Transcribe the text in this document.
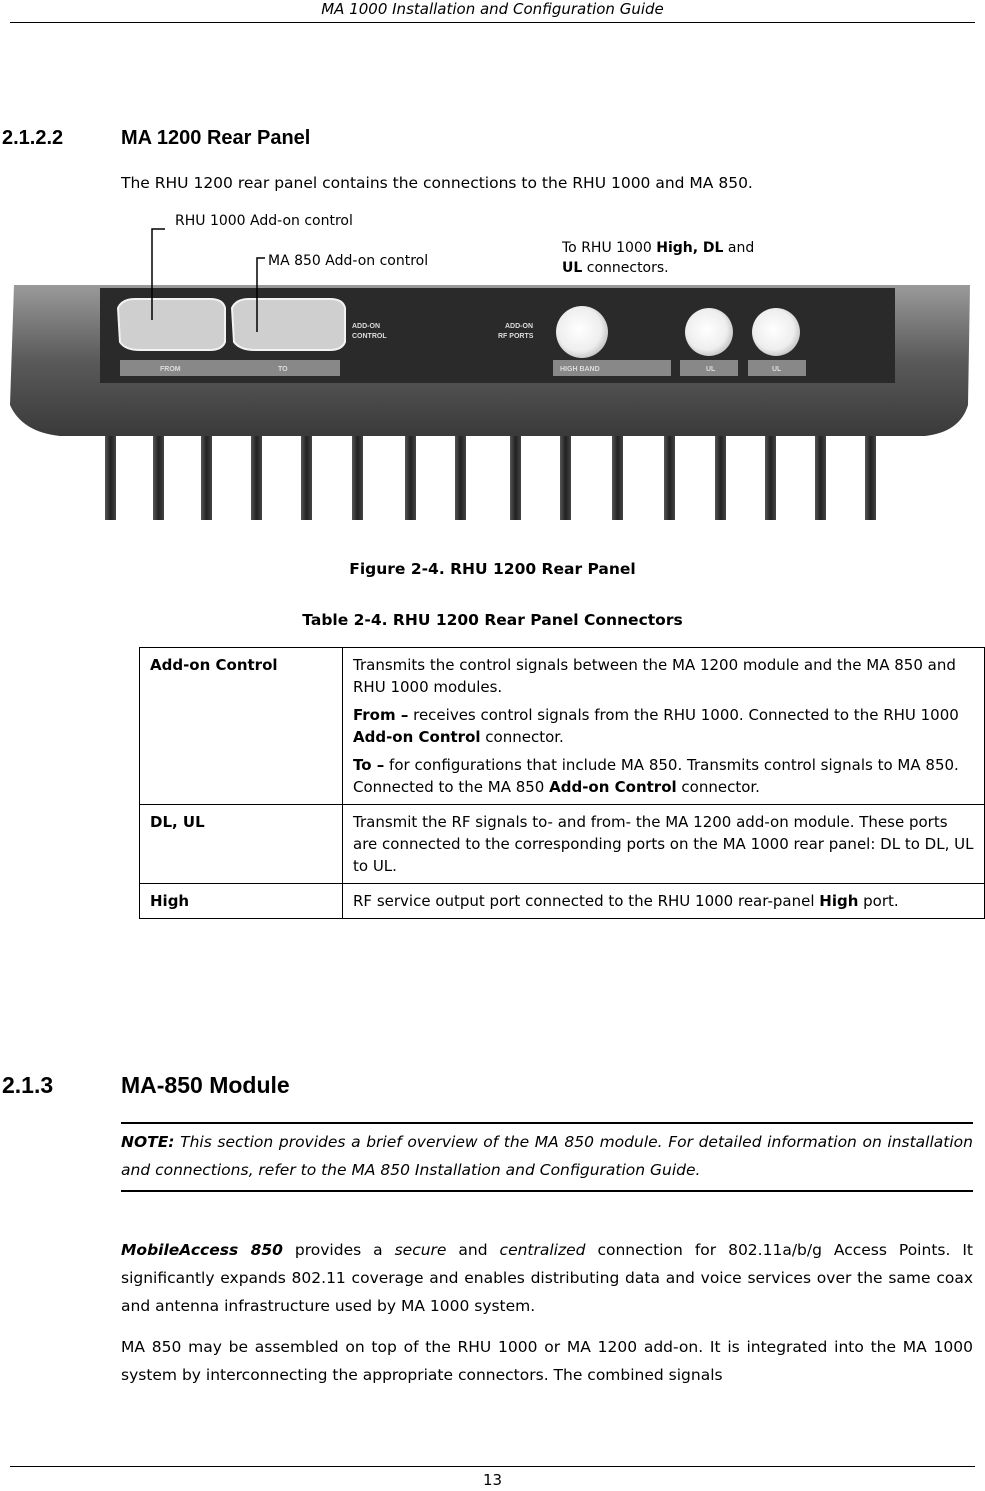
MA 1000 Installation and Configuration Guide
2.1.2.2	MA 1200 Rear Panel
The RHU 1200 rear panel contains the connections to the RHU 1000 and MA 850.
RHU 1000 Add-on control
MA 850 Add-on control
To RHU 1000 High, DL and
UL connectors.
FROM	TO
ADD-ON
CONTROL
ADD-ON
RF PORTS
HIGH BAND	UL	UL
Figure 2-4. RHU 1200 Rear Panel
Table 2-4. RHU 1200 Rear Panel Connectors
Add-on Control	Transmits the control signals between the MA 1200 module and the MA 850 and RHU 1000 modules.

From – receives control signals from the RHU 1000. Connected to the RHU 1000 Add-on Control connector.

To – for configurations that include MA 850. Transmits control signals to MA 850. Connected to the MA 850 Add-on Control connector.

DL, UL	Transmit the RF signals to- and from- the MA 1200 add-on module. These ports are connected to the corresponding ports on the MA 1000 rear panel: DL to DL, UL to UL.

High	RF service output port connected to the RHU 1000 rear-panel High port.

2.1.3	MA-850 Module
NOTE: This section provides a brief overview of the MA 850 module. For detailed information on installation and connections, refer to the MA 850 Installation and Configuration Guide.
MobileAccess 850 provides a secure and centralized connection for 802.11a/b/g Access Points. It significantly expands 802.11 coverage and enables distributing data and voice services over the same coax and antenna infrastructure used by MA 1000 system.
MA 850 may be assembled on top of the RHU 1000 or MA 1200 add-on. It is integrated into the MA 1000 system by interconnecting the appropriate connectors. The combined signals
13
